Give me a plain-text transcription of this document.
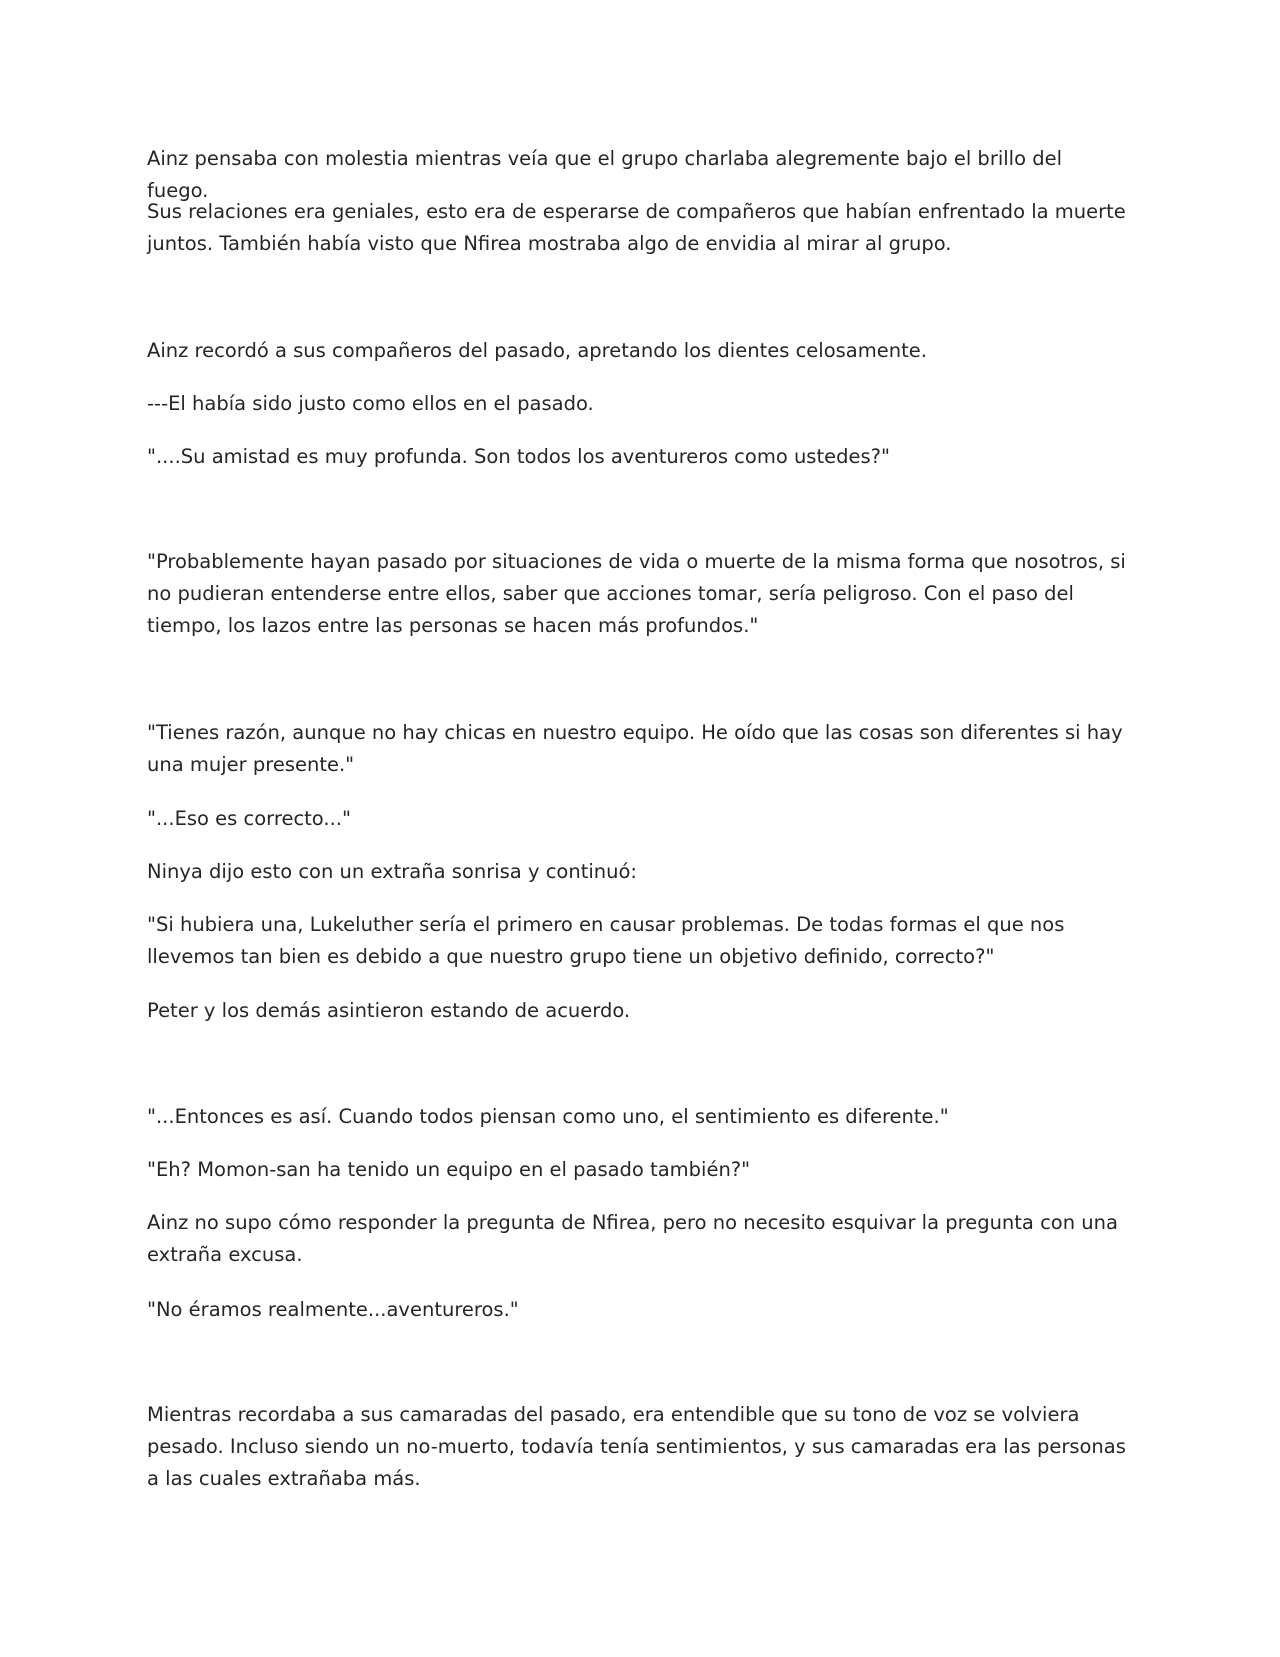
Ainz pensaba con molestia mientras veía que el grupo charlaba alegremente bajo el brillo del fuego.

Sus relaciones era geniales, esto era de esperarse de compañeros que habían enfrentado la muerte juntos. También había visto que Nfirea mostraba algo de envidia al mirar al grupo.

Ainz recordó a sus compañeros del pasado, apretando los dientes celosamente.

---El había sido justo como ellos en el pasado.

"....Su amistad es muy profunda. Son todos los aventureros como ustedes?"

"Probablemente hayan pasado por situaciones de vida o muerte de la misma forma que nosotros, si no pudieran entenderse entre ellos, saber que acciones tomar, sería peligroso. Con el paso del tiempo, los lazos entre las personas se hacen más profundos."

"Tienes razón, aunque no hay chicas en nuestro equipo. He oído que las cosas son diferentes si hay una mujer presente."

"...Eso es correcto..."

Ninya dijo esto con un extraña sonrisa y continuó:

"Si hubiera una, Lukeluther sería el primero en causar problemas. De todas formas el que nos llevemos tan bien es debido a que nuestro grupo tiene un objetivo definido, correcto?"

Peter y los demás asintieron estando de acuerdo.

"...Entonces es así. Cuando todos piensan como uno, el sentimiento es diferente."

"Eh? Momon-san ha tenido un equipo en el pasado también?"

Ainz no supo cómo responder la pregunta de Nfirea, pero no necesito esquivar la pregunta con una extraña excusa.

"No éramos realmente...aventureros."

Mientras recordaba a sus camaradas del pasado, era entendible que su tono de voz se volviera pesado. Incluso siendo un no-muerto, todavía tenía sentimientos, y sus camaradas era las personas a las cuales extrañaba más.
